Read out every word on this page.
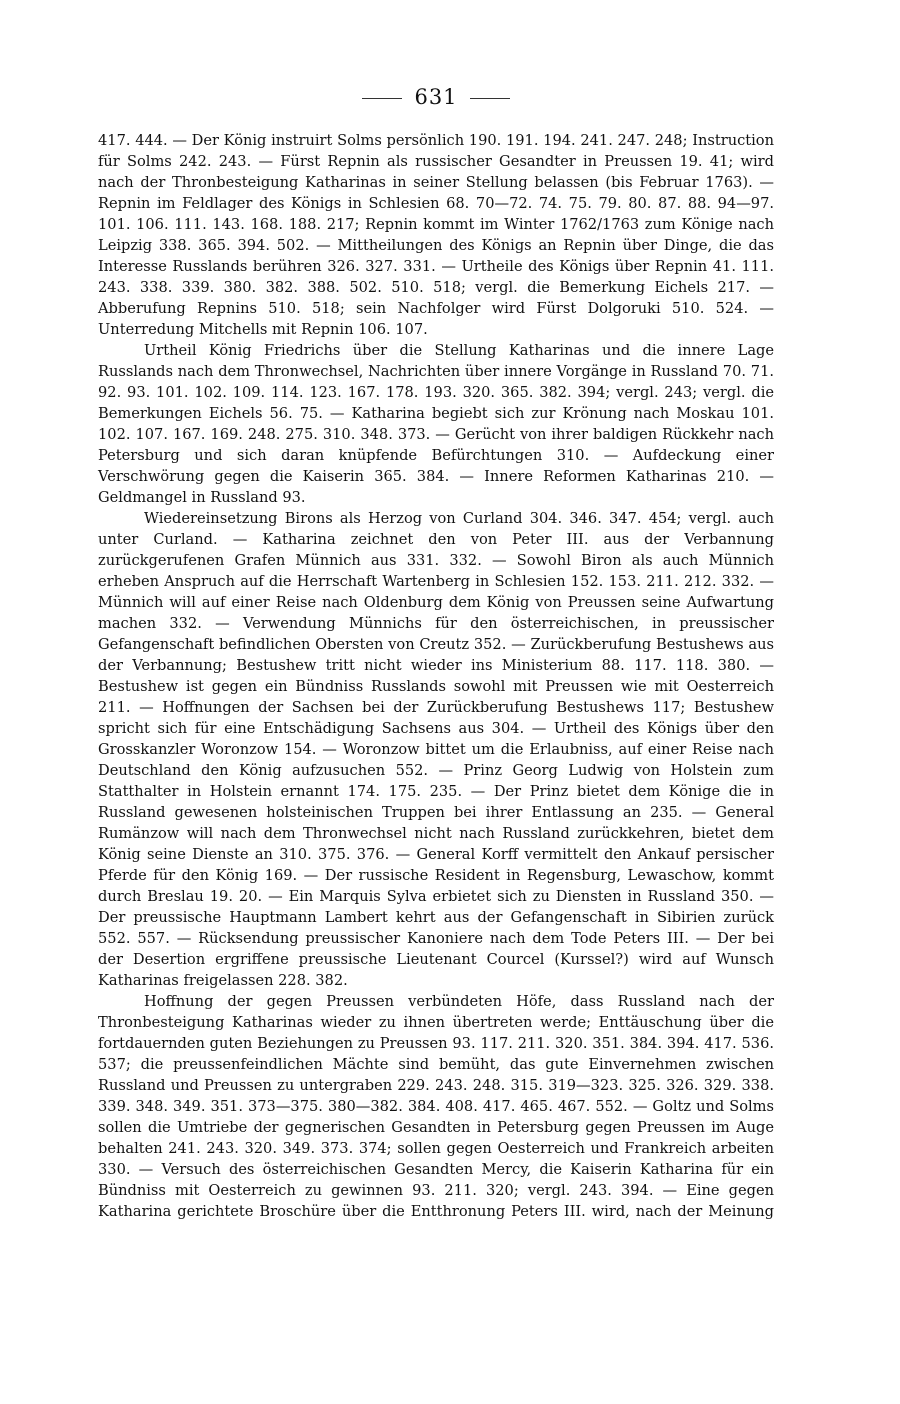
631

417. 444. — Der König instruirt Solms persönlich 190. 191. 194. 241. 247. 248; Instruction für Solms 242. 243. — Fürst Repnin als russischer Gesandter in Preussen 19. 41; wird nach der Thronbesteigung Katharinas in seiner Stellung belassen (bis Februar 1763). — Repnin im Feldlager des Königs in Schlesien 68. 70—72. 74. 75. 79. 80. 87. 88. 94—97. 101. 106. 111. 143. 168. 188. 217; Repnin kommt im Winter 1762/1763 zum Könige nach Leipzig 338. 365. 394. 502. — Mittheilungen des Königs an Repnin über Dinge, die das Interesse Russlands berühren 326. 327. 331. — Urtheile des Königs über Repnin 41. 111. 243. 338. 339. 380. 382. 388. 502. 510. 518; vergl. die Bemerkung Eichels 217. — Abberufung Repnins 510. 518; sein Nachfolger wird Fürst Dolgoruki 510. 524. — Unterredung Mitchells mit Repnin 106. 107.

Urtheil König Friedrichs über die Stellung Katharinas und die innere Lage Russlands nach dem Thronwechsel, Nachrichten über innere Vorgänge in Russland 70. 71. 92. 93. 101. 102. 109. 114. 123. 167. 178. 193. 320. 365. 382. 394; vergl. 243; vergl. die Bemerkungen Eichels 56. 75. — Katharina begiebt sich zur Krönung nach Moskau 101. 102. 107. 167. 169. 248. 275. 310. 348. 373. — Gerücht von ihrer baldigen Rückkehr nach Petersburg und sich daran knüpfende Befürchtungen 310. — Aufdeckung einer Verschwörung gegen die Kaiserin 365. 384. — Innere Reformen Katharinas 210. — Geldmangel in Russland 93.

Wiedereinsetzung Birons als Herzog von Curland 304. 346. 347. 454; vergl. auch unter Curland. — Katharina zeichnet den von Peter III. aus der Verbannung zurückgerufenen Grafen Münnich aus 331. 332. — Sowohl Biron als auch Münnich erheben Anspruch auf die Herrschaft Wartenberg in Schlesien 152. 153. 211. 212. 332. — Münnich will auf einer Reise nach Oldenburg dem König von Preussen seine Aufwartung machen 332. — Verwendung Münnichs für den österreichischen, in preussischer Gefangenschaft befindlichen Obersten von Creutz 352. — Zurückberufung Bestushews aus der Verbannung; Bestushew tritt nicht wieder ins Ministerium 88. 117. 118. 380. — Bestushew ist gegen ein Bündniss Russlands sowohl mit Preussen wie mit Oesterreich 211. — Hoffnungen der Sachsen bei der Zurückberufung Bestushews 117; Bestushew spricht sich für eine Entschädigung Sachsens aus 304. — Urtheil des Königs über den Grosskanzler Woronzow 154. — Woronzow bittet um die Erlaubniss, auf einer Reise nach Deutschland den König aufzusuchen 552. — Prinz Georg Ludwig von Holstein zum Statthalter in Holstein ernannt 174. 175. 235. — Der Prinz bietet dem Könige die in Russland gewesenen holsteinischen Truppen bei ihrer Entlassung an 235. — General Rumänzow will nach dem Thronwechsel nicht nach Russland zurückkehren, bietet dem König seine Dienste an 310. 375. 376. — General Korff vermittelt den Ankauf persischer Pferde für den König 169. — Der russische Resident in Regensburg, Lewaschow, kommt durch Breslau 19. 20. — Ein Marquis Sylva erbietet sich zu Diensten in Russland 350. — Der preussische Hauptmann Lambert kehrt aus der Gefangenschaft in Sibirien zurück 552. 557. — Rücksendung preussischer Kanoniere nach dem Tode Peters III. — Der bei der Desertion ergriffene preussische Lieutenant Courcel (Kurssel?) wird auf Wunsch Katharinas freigelassen 228. 382.

Hoffnung der gegen Preussen verbündeten Höfe, dass Russland nach der Thronbesteigung Katharinas wieder zu ihnen übertreten werde; Enttäuschung über die fortdauernden guten Beziehungen zu Preussen 93. 117. 211. 320. 351. 384. 394. 417. 536. 537; die preussenfeindlichen Mächte sind bemüht, das gute Einvernehmen zwischen Russland und Preussen zu untergraben 229. 243. 248. 315. 319—323. 325. 326. 329. 338. 339. 348. 349. 351. 373—375. 380—382. 384. 408. 417. 465. 467. 552. — Goltz und Solms sollen die Umtriebe der gegnerischen Gesandten in Petersburg gegen Preussen im Auge behalten 241. 243. 320. 349. 373. 374; sollen gegen Oesterreich und Frankreich arbeiten 330. — Versuch des österreichischen Gesandten Mercy, die Kaiserin Katharina für ein Bündniss mit Oesterreich zu gewinnen 93. 211. 320; vergl. 243. 394. — Eine gegen Katharina gerichtete Broschüre über die Entthronung Peters III. wird, nach der Meinung
